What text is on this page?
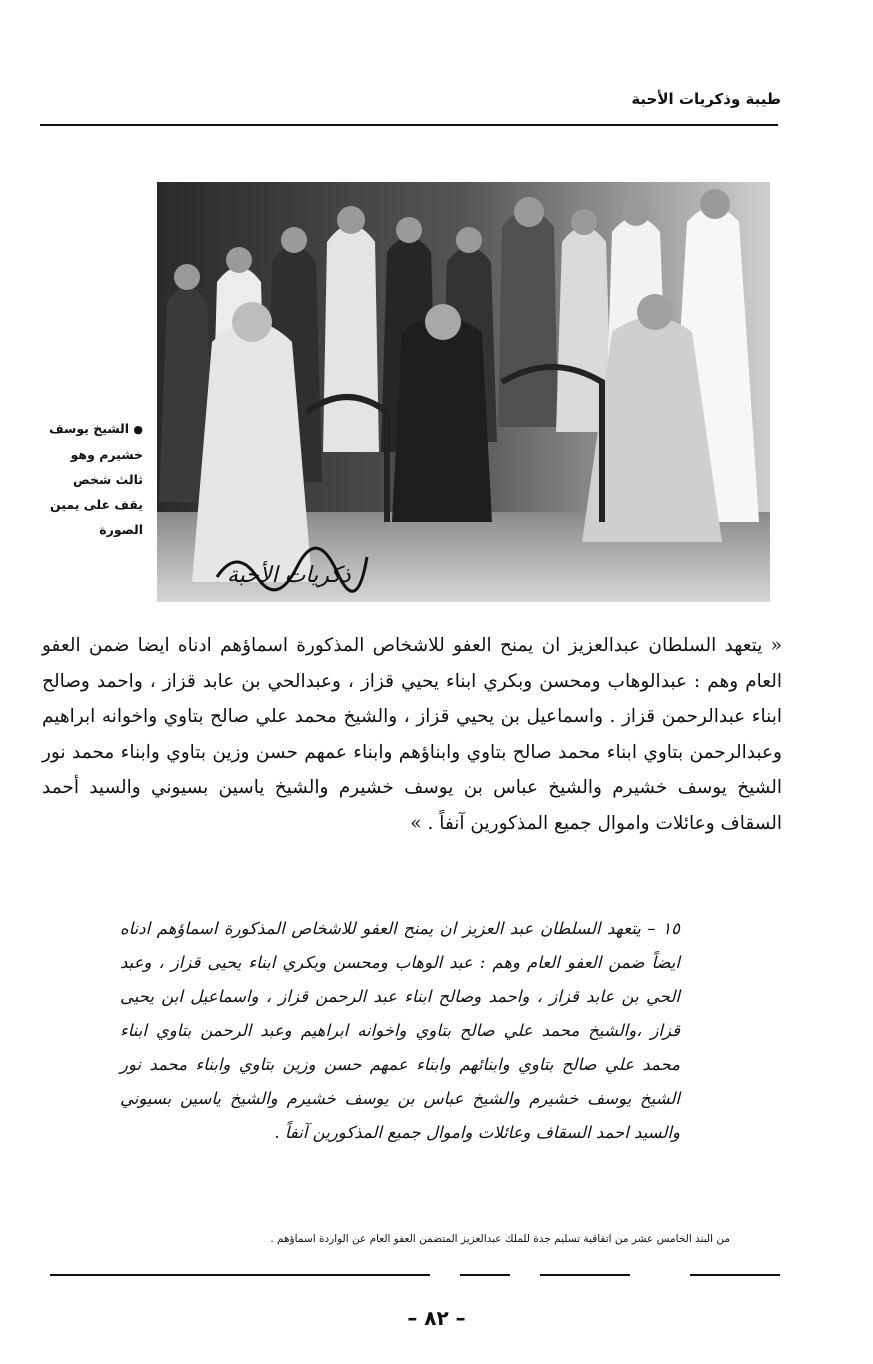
طيبة وذكريات الأحبة
ذكريات الأحبة
● الشيخ يوسف خشيرم وهو ثالث شخص يقف على يمين الصورة
« يتعهد السلطان عبدالعزيز ان يمنح العفو للاشخاص المذكورة اسماؤهم ادناه ايضا ضمن العفو العام وهم : عبدالوهاب ومحسن وبكري ابناء يحيي قزاز ، وعبدالحي بن عابد قزاز ، واحمد وصالح ابناء عبدالرحمن قزاز . واسماعيل بن يحيي قزاز ، والشيخ محمد علي صالح بتاوي واخوانه ابراهيم وعبدالرحمن بتاوي ابناء محمد صالح بتاوي وابناؤهم وابناء عمهم حسن وزين بتاوي وابناء محمد نور الشيخ يوسف خشيرم والشيخ عباس بن يوسف خشيرم والشيخ ياسين بسيوني والسيد أحمد السقاف وعائلات واموال جميع المذكورين آنفاً . »
١٥ – يتعهد السلطان عبد العزيز ان يمنح العفو للاشخاص المذكورة اسماؤهم ادناه ايضاً ضمن العفو العام وهم : عبد الوهاب ومحسن وبكري ابناء يحيى قزاز ، وعبد الحي بن عابد قزاز ، واحمد وصالح ابناء عبد الرحمن قزاز ، واسماعيل ابن يحيى قزاز ،والشيخ محمد علي صالح بتاوي واخوانه ابراهيم وعبد الرحمن بتاوي ابناء محمد علي صالح بتاوي وابنائهم وابناء عمهم حسن وزين بتاوي وابناء محمد نور الشيخ يوسف خشيرم والشيخ عباس بن يوسف خشيرم والشيخ ياسين بسيوني والسيد احمد السقاف وعائلات واموال جميع المذكورين آنفاً .
من البند الخامس عشر من اتفاقية تسليم جدة للملك عبدالعزيز المتضمن العفو العام عن الواردة اسماؤهم .
– ٨٢ –
